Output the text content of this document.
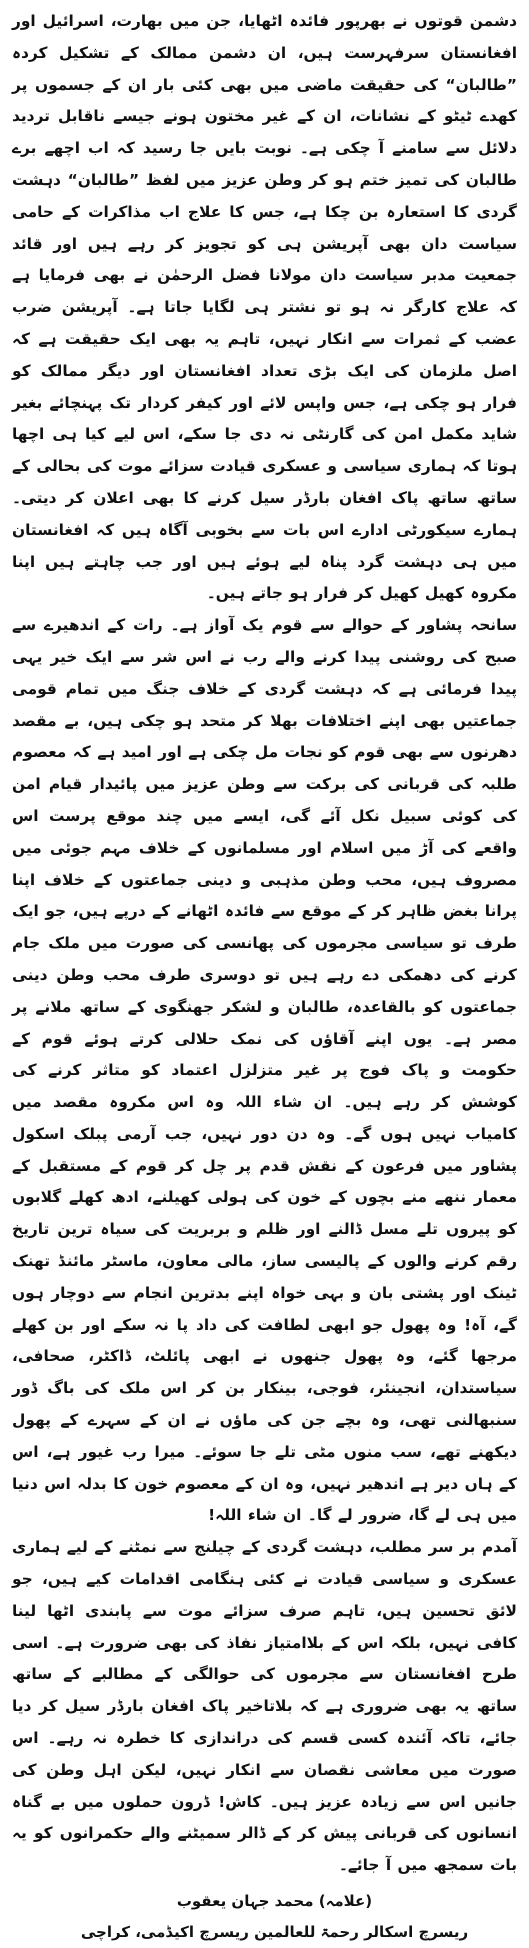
دشمن قوتوں نے بھرپور فائدہ اٹھایا، جن میں بھارت، اسرائیل اور افغانستان سرفہرست ہیں، ان دشمن ممالک کے تشکیل کردہ ”طالبان“ کی حقیقت ماضی میں بھی کئی بار ان کے جسموں پر کھدے ٹیٹو کے نشانات، ان کے غیر مختون ہونے جیسے ناقابل تردید دلائل سے سامنے آ چکی ہے۔ نوبت بایں جا رسید کہ اب اچھے برے طالبان کی تمیز ختم ہو کر وطن عزیز میں لفظ ”طالبان“ دہشت گردی کا استعارہ بن چکا ہے، جس کا علاج اب مذاکرات کے حامی سیاست دان بھی آپریشن ہی کو تجویز کر رہے ہیں اور قائد جمعیت مدبر سیاست دان مولانا فضل الرحمٰن نے بھی فرمایا ہے کہ علاج کارگر نہ ہو تو نشتر ہی لگایا جاتا ہے۔ آپریشن ضرب عضب کے ثمرات سے انکار نہیں، تاہم یہ بھی ایک حقیقت ہے کہ اصل ملزمان کی ایک بڑی تعداد افغانستان اور دیگر ممالک کو فرار ہو چکی ہے، جس واپس لائے اور کیفر کردار تک پہنچائے بغیر شاید مکمل امن کی گارنٹی نہ دی جا سکے، اس لیے کیا ہی اچھا ہوتا کہ ہماری سیاسی و عسکری قیادت سزائے موت کی بحالی کے ساتھ ساتھ پاک افغان بارڈر سیل کرنے کا بھی اعلان کر دیتی۔ ہمارے سیکورٹی ادارے اس بات سے بخوبی آگاہ ہیں کہ افغانستان میں ہی دہشت گرد پناہ لیے ہوئے ہیں اور جب چاہتے ہیں اپنا مکروہ کھیل کھیل کر فرار ہو جاتے ہیں۔

سانحہ پشاور کے حوالے سے قوم یک آواز ہے۔ رات کے اندھیرے سے صبح کی روشنی پیدا کرنے والے رب نے اس شر سے ایک خیر یہی پیدا فرمائی ہے کہ دہشت گردی کے خلاف جنگ میں تمام قومی جماعتیں بھی اپنے اختلافات بھلا کر متحد ہو چکی ہیں، بے مقصد دھرنوں سے بھی قوم کو نجات مل چکی ہے اور امید ہے کہ معصوم طلبہ کی قربانی کی برکت سے وطن عزیز میں پائیدار قیام امن کی کوئی سبیل نکل آئے گی، ایسے میں چند موقع پرست اس واقعے کی آڑ میں اسلام اور مسلمانوں کے خلاف مہم جوئی میں مصروف ہیں، محب وطن مذہبی و دینی جماعتوں کے خلاف اپنا پرانا بغض ظاہر کر کے موقع سے فائدہ اٹھانے کے درپے ہیں، جو ایک طرف تو سیاسی مجرموں کی پھانسی کی صورت میں ملک جام کرنے کی دھمکی دے رہے ہیں تو دوسری طرف محب وطن دینی جماعتوں کو بالقاعدہ، طالبان و لشکر جھنگوی کے ساتھ ملانے پر مصر ہے۔ یوں اپنے آقاؤں کی نمک حلالی کرتے ہوئے قوم کے حکومت و پاک فوج پر غیر متزلزل اعتماد کو متاثر کرنے کی کوشش کر رہے ہیں۔ ان شاء اللہ وہ اس مکروہ مقصد میں کامیاب نہیں ہوں گے۔ وہ دن دور نہیں، جب آرمی پبلک اسکول پشاور میں فرعون کے نقش قدم پر چل کر قوم کے مستقبل کے معمار ننھے منے بچوں کے خون کی ہولی کھیلنے، ادھ کھلے گلابوں کو پیروں تلے مسل ڈالنے اور ظلم و بربریت کی سیاہ ترین تاریخ رقم کرنے والوں کے پالیسی ساز، مالی معاون، ماسٹر مائنڈ تھنک ٹینک اور پشتی بان و بہی خواہ اپنے بدترین انجام سے دوچار ہوں گے، آہ! وہ پھول جو ابھی لطافت کی داد پا نہ سکے اور بن کھلے مرجھا گئے، وہ پھول جنھوں نے ابھی پائلٹ، ڈاکٹر، صحافی، سیاستدان، انجینئر، فوجی، بینکار بن کر اس ملک کی باگ ڈور سنبھالنی تھی، وہ بچے جن کی ماؤں نے ان کے سہرے کے پھول دیکھنے تھے، سب منوں مٹی تلے جا سوئے۔ میرا رب غیور ہے، اس کے ہاں دیر ہے اندھیر نہیں، وہ ان کے معصوم خون کا بدلہ اس دنیا میں ہی لے گا، ضرور لے گا۔ ان شاء اللہ!

آمدم بر سر مطلب، دہشت گردی کے چیلنج سے نمٹنے کے لیے ہماری عسکری و سیاسی قیادت نے کئی ہنگامی اقدامات کیے ہیں، جو لائق تحسین ہیں، تاہم صرف سزائے موت سے پابندی اٹھا لینا کافی نہیں، بلکہ اس کے بلاامتیاز نفاذ کی بھی ضرورت ہے۔ اسی طرح افغانستان سے مجرموں کی حوالگی کے مطالبے کے ساتھ ساتھ یہ بھی ضروری ہے کہ بلاتاخیر پاک افغان بارڈر سیل کر دیا جائے، تاکہ آئندہ کسی قسم کی دراندازی کا خطرہ نہ رہے۔ اس صورت میں معاشی نقصان سے انکار نہیں، لیکن اہل وطن کی جانیں اس سے زیادہ عزیز ہیں۔ کاش! ڈرون حملوں میں بے گناہ انسانوں کی قربانی پیش کر کے ڈالر سمیٹنے والے حکمرانوں کو یہ بات سمجھ میں آ جائے۔

(علامہ) محمد جہان یعقوب
ریسرچ اسکالر رحمۃ للعالمین ریسرچ اکیڈمی، کراچی
